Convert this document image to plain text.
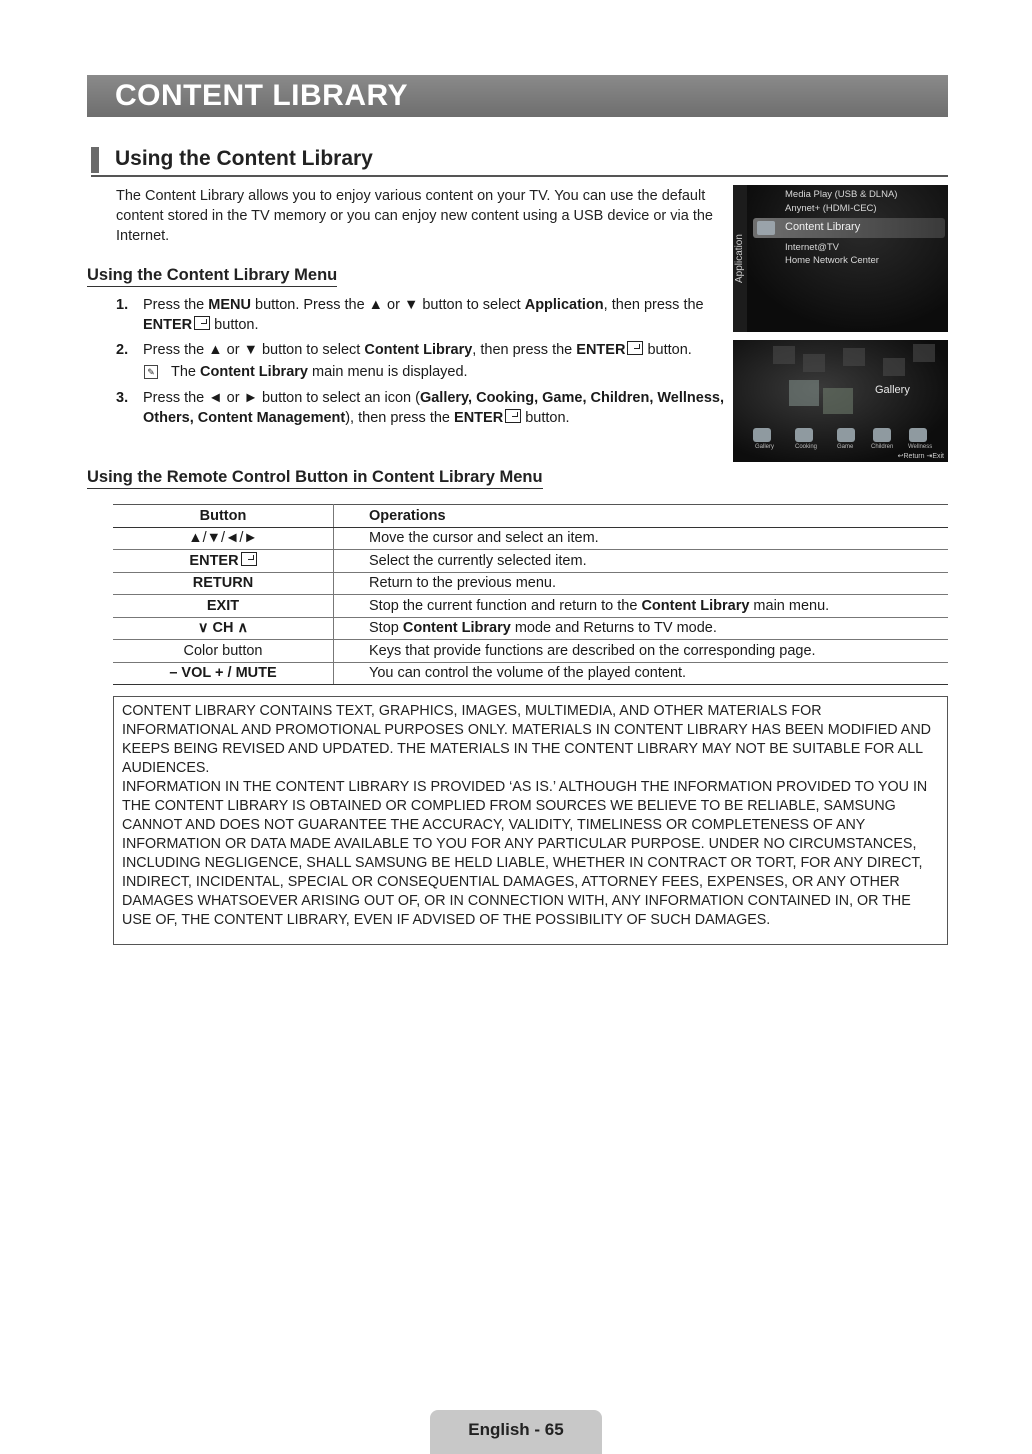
CONTENT LIBRARY
Using the Content Library
The Content Library allows you to enjoy various content on your TV. You can use the default content stored in the TV memory or you can enjoy new content using a USB device or via the Internet.
Using the Content Library Menu
1. Press the MENU button. Press the ▲ or ▼ button to select Application, then press the
ENTER button.
2. Press the ▲ or ▼ button to select Content Library, then press the ENTER button.
✎ The Content Library main menu is displayed.
3. Press the ◄ or ► button to select an icon (Gallery, Cooking, Game, Children, Wellness, Others, Content Management), then press the ENTER button.
Application
Media Play (USB & DLNA)
Anynet+ (HDMI-CEC)
Content Library
Internet@TV
Home Network Center
Gallery
Gallery	Cooking	Game	Children Wellness
↩Return ⇥Exit
Using the Remote Control Button in Content Library Menu
Button	Operations
▲/▼/◄/►	Move the cursor and select an item.
ENTER	Select the currently selected item.
RETURN	Return to the previous menu.
EXIT	Stop the current function and return to the Content Library main menu.
∨ CH ∧	Stop Content Library mode and Returns to TV mode.
Color button	Keys that provide functions are described on the corresponding page.
– VOL + / MUTE	You can control the volume of the played content.
CONTENT LIBRARY CONTAINS TEXT, GRAPHICS, IMAGES, MULTIMEDIA, AND OTHER MATERIALS FOR INFORMATIONAL AND PROMOTIONAL PURPOSES ONLY. MATERIALS IN CONTENT LIBRARY HAS BEEN MODIFIED AND KEEPS BEING REVISED AND UPDATED. THE MATERIALS IN THE CONTENT LIBRARY MAY NOT BE SUITABLE FOR ALL AUDIENCES.
INFORMATION IN THE CONTENT LIBRARY IS PROVIDED ‘AS IS.’ ALTHOUGH THE INFORMATION PROVIDED TO YOU IN THE CONTENT LIBRARY IS OBTAINED OR COMPLIED FROM SOURCES WE BELIEVE TO BE RELIABLE, SAMSUNG CANNOT AND DOES NOT GUARANTEE THE ACCURACY, VALIDITY, TIMELINESS OR COMPLETENESS OF ANY INFORMATION OR DATA MADE AVAILABLE TO YOU FOR ANY PARTICULAR PURPOSE. UNDER NO CIRCUMSTANCES, INCLUDING NEGLIGENCE, SHALL SAMSUNG BE HELD LIABLE, WHETHER IN CONTRACT OR TORT, FOR ANY DIRECT, INDIRECT, INCIDENTAL, SPECIAL OR CONSEQUENTIAL DAMAGES, ATTORNEY FEES, EXPENSES, OR ANY OTHER DAMAGES WHATSOEVER ARISING OUT OF, OR IN CONNECTION WITH, ANY INFORMATION CONTAINED IN, OR THE USE OF, THE CONTENT LIBRARY, EVEN IF ADVISED OF THE POSSIBILITY OF SUCH DAMAGES.
English - 65
